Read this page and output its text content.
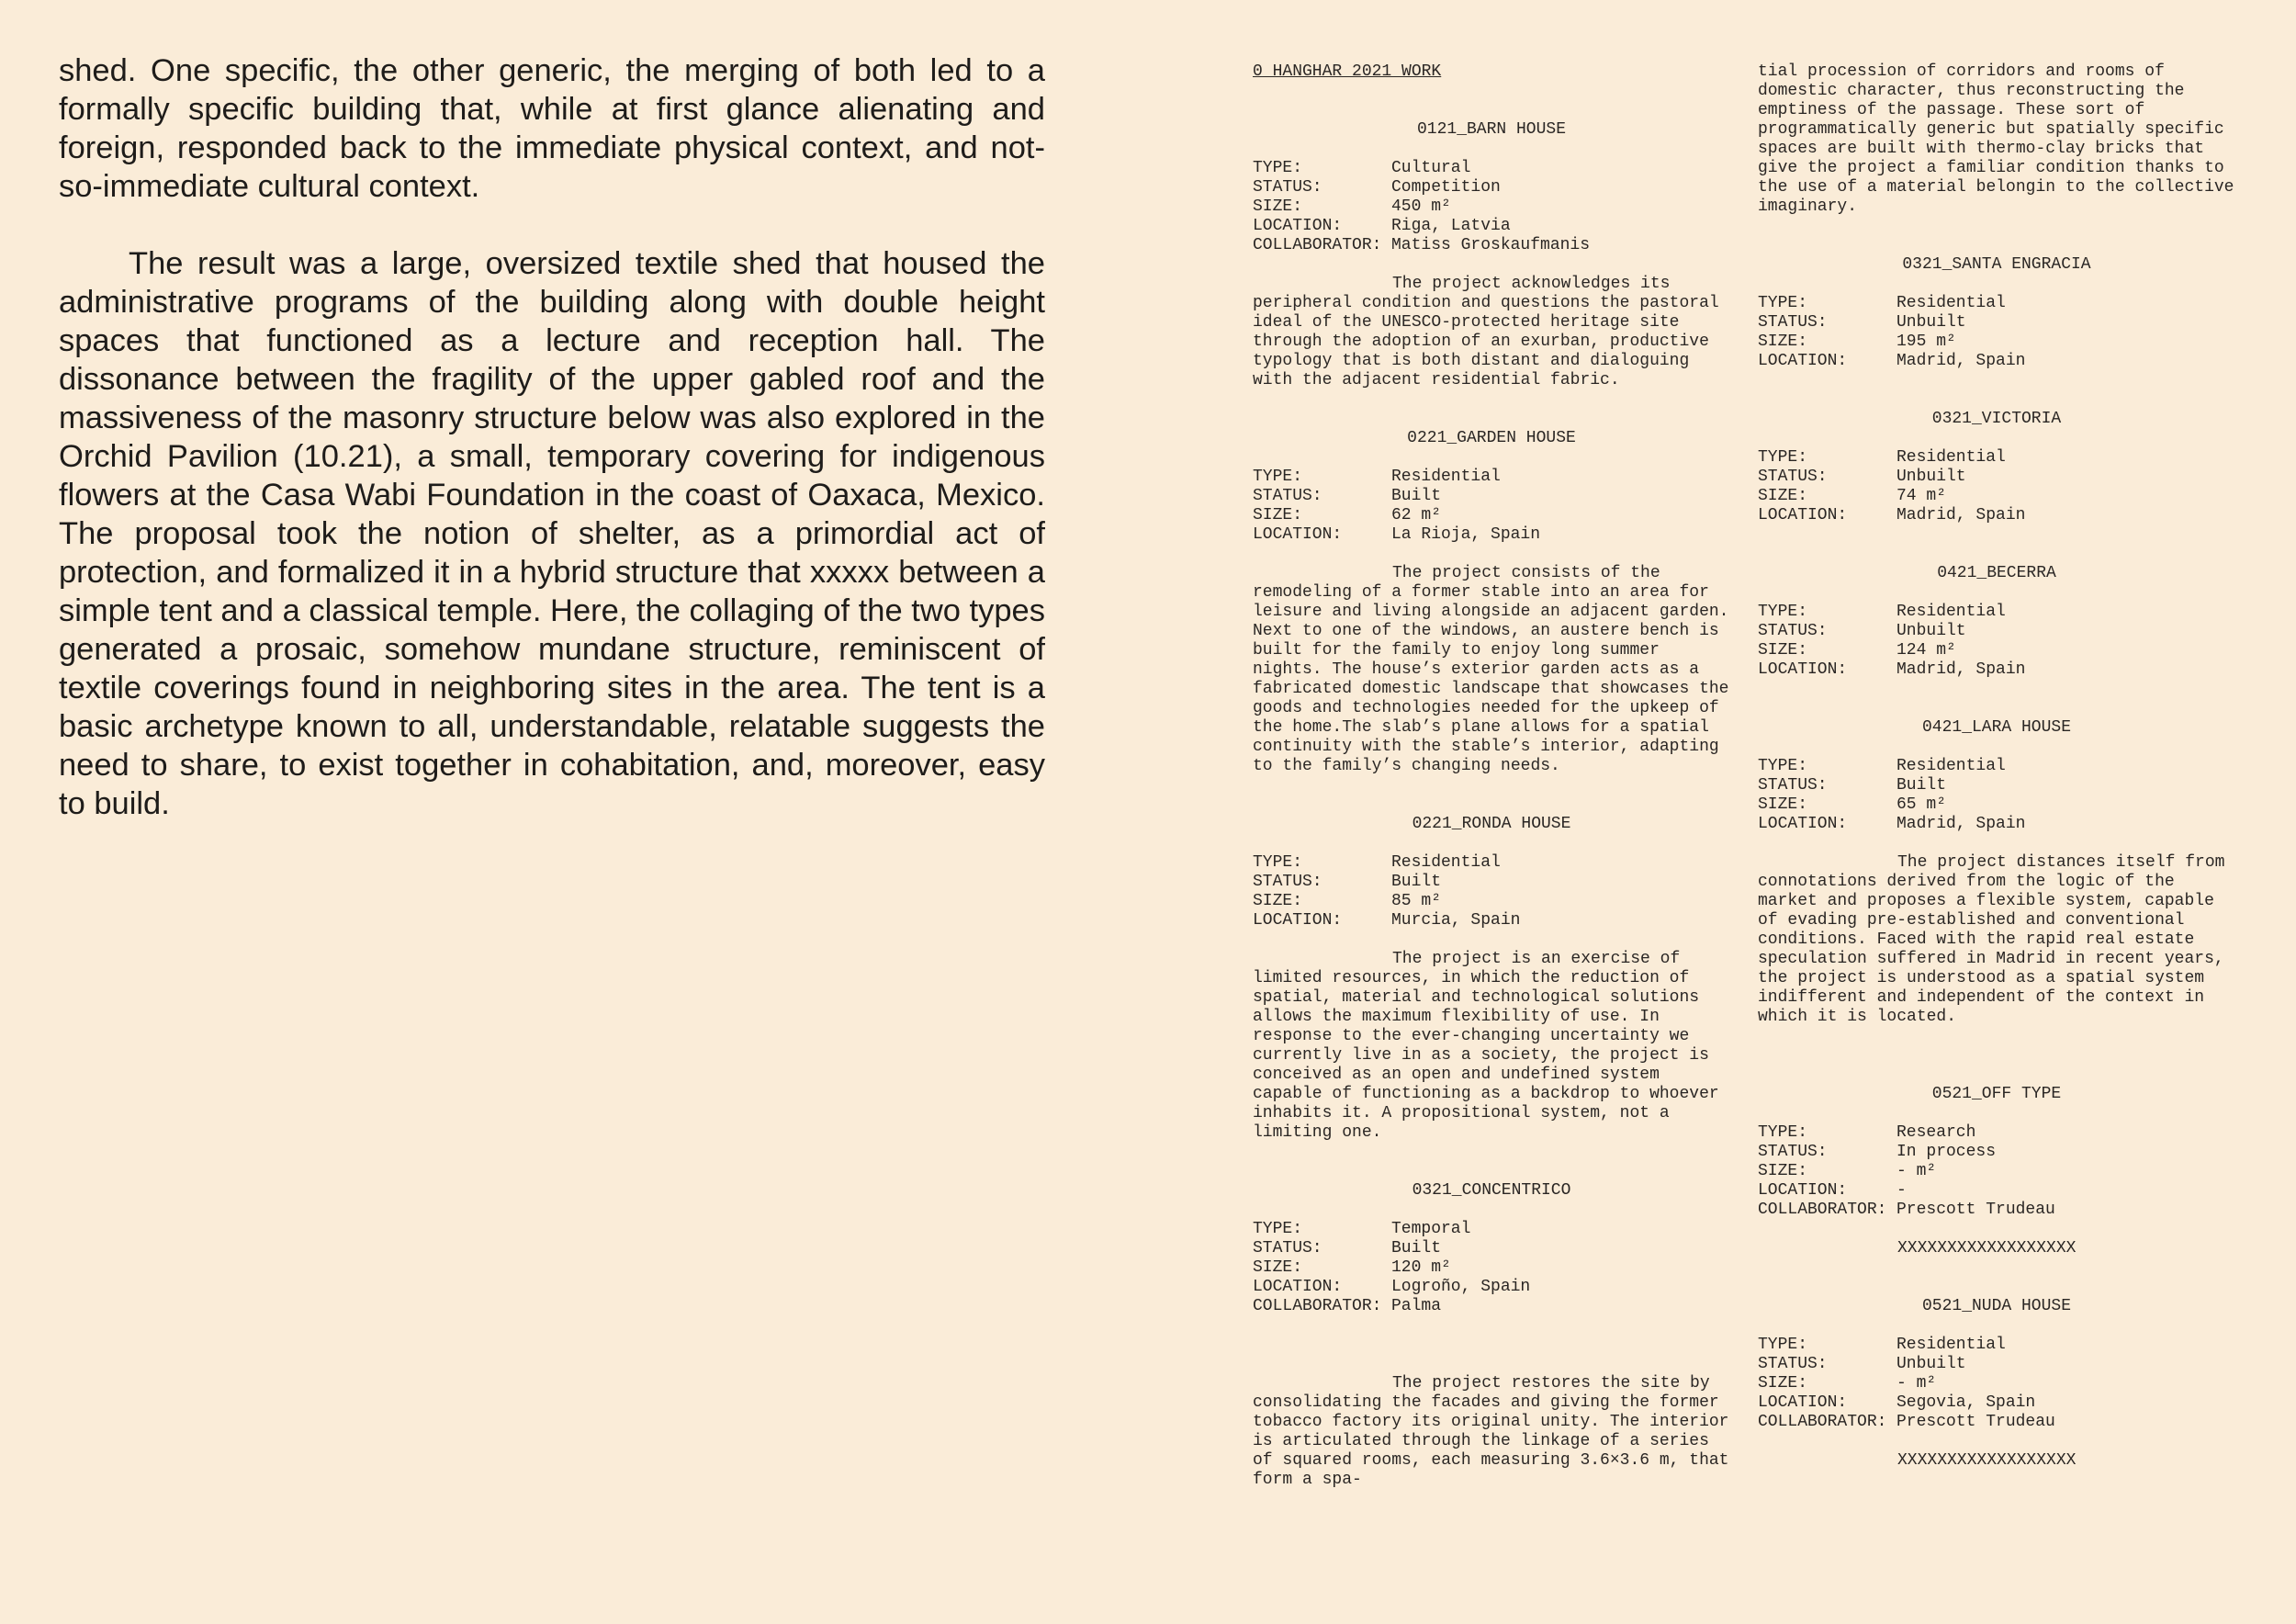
shed. One specific, the other generic, the merging of both led to a formally specific building that, while at first glance alienating and foreign, responded back to the immediate physical context, and not-so-immediate cultural context.

The result was a large, oversized textile shed that housed the administrative programs of the building along with double height spaces that functioned as a lecture and reception hall. The dissonance between the fragility of the upper gabled roof and the massiveness of the masonry structure below was also explored in the Orchid Pavilion (10.21), a small, temporary covering for indigenous flowers at the Casa Wabi Foundation in the coast of Oaxaca, Mexico. The proposal took the notion of shelter, as a primordial act of protection, and formalized it in a hybrid structure that xxxxx between a simple tent and a classical temple. Here, the collaging of the two types generated a prosaic, somehow mundane structure, reminiscent of textile coverings found in neighboring sites in the area. The tent is a basic archetype known to all, understandable, relatable suggests the need to share, to exist together in cohabitation, and, moreover, easy to build.

0_HANGHAR_2021_WORK
0121_BARN HOUSE
TYPE:	Cultural
STATUS:	Competition
SIZE:	450 m²
LOCATION:	Riga, Latvia
COLLABORATOR: Matiss Groskaufmanis
The project acknowledges its peripheral condition and questions the pastoral ideal of the UNESCO-protected heritage site through the adoption of an exurban, productive typology that is both distant and dialoguing with the adjacent residential fabric.
0221_GARDEN HOUSE
TYPE:	Residential
STATUS:	Built
SIZE:	62 m²
LOCATION:	La Rioja, Spain
The project consists of the remodeling of a former stable into an area for leisure and living alongside an adjacent garden. Next to one of the windows, an austere bench is built for the family to enjoy long summer nights. The house’s exterior garden acts as a fabricated domestic landscape that showcases the goods and technologies needed for the upkeep of the home.The slab’s plane allows for a spatial continuity with the stable’s interior, adapting to the family’s changing needs.
0221_RONDA HOUSE
TYPE:	Residential
STATUS:	Built
SIZE:	85 m²
LOCATION:	Murcia, Spain
The project is an exercise of limited resources, in which the reduction of spatial, material and technological solutions allows the maximum flexibility of use. In response to the ever-changing uncertainty we currently live in as a society, the project is conceived as an open and undefined system capable of functioning as a backdrop to whoever inhabits it. A propositional system, not a limiting one.
0321_CONCENTRICO
TYPE:	Temporal
STATUS:	Built
SIZE:	120 m²
LOCATION:	Logroño, Spain
COLLABORATOR: Palma
The project restores the site by consolidating the facades and giving the former tobacco factory its original unity. The interior is articulated through the linkage of a series of squared rooms, each measuring 3.6×3.6 m, that form a spa-
tial procession of corridors and rooms of domestic character, thus reconstructing the emptiness of the passage. These sort of programmatically generic but spatially specific spaces are built with thermo-clay bricks that give the project a familiar condition thanks to the use of a material belongin to the collective imaginary.
0321_SANTA ENGRACIA
TYPE:	Residential
STATUS:	Unbuilt
SIZE:	195 m²
LOCATION:	Madrid, Spain
0321_VICTORIA
TYPE:	Residential
STATUS:	Unbuilt
SIZE:	74 m²
LOCATION:	Madrid, Spain
0421_BECERRA
TYPE:	Residential
STATUS:	Unbuilt
SIZE:	124 m²
LOCATION:	Madrid, Spain
0421_LARA HOUSE
TYPE:	Residential
STATUS:	Built
SIZE:	65 m²
LOCATION:	Madrid, Spain
The project distances itself from connotations derived from the logic of the market and proposes a flexible system, capable of evading pre-established and conventional conditions. Faced with the rapid real estate speculation suffered in Madrid in recent years, the project is understood as a spatial system indifferent and independent of the context in which it is located.
0521_OFF TYPE
TYPE:	Research
STATUS:	In process
SIZE:	- m²
LOCATION:	-
COLLABORATOR: Prescott Trudeau
XXXXXXXXXXXXXXXXXX
0521_NUDA HOUSE
TYPE:	Residential
STATUS:	Unbuilt
SIZE:	- m²
LOCATION:	Segovia, Spain
COLLABORATOR: Prescott Trudeau
XXXXXXXXXXXXXXXXXX
